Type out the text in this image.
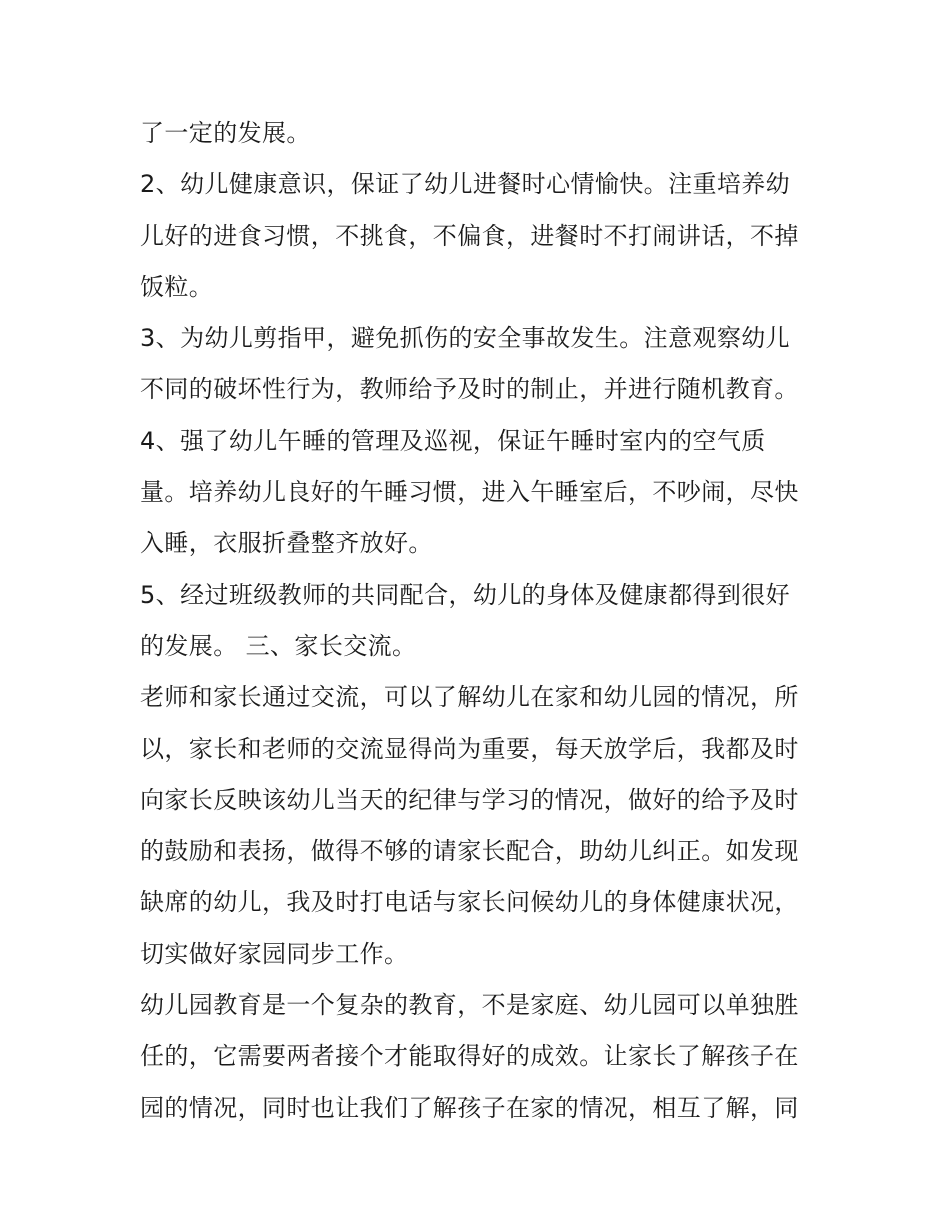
了一定的发展。

2、幼儿健康意识，保证了幼儿进餐时心情愉快。注重培养幼
儿好的进食习惯，不挑食，不偏食，进餐时不打闹讲话，不掉
饭粒。

3、为幼儿剪指甲，避免抓伤的安全事故发生。注意观察幼儿
不同的破坏性行为，教师给予及时的制止，并进行随机教育。

4、强了幼儿午睡的管理及巡视，保证午睡时室内的空气质
量。培养幼儿良好的午睡习惯，进入午睡室后，不吵闹，尽快
入睡，衣服折叠整齐放好。

5、经过班级教师的共同配合，幼儿的身体及健康都得到很好
的发展。 三、家长交流。

老师和家长通过交流，可以了解幼儿在家和幼儿园的情况，所
以，家长和老师的交流显得尚为重要，每天放学后，我都及时
向家长反映该幼儿当天的纪律与学习的情况，做好的给予及时
的鼓励和表扬，做得不够的请家长配合，助幼儿纠正。如发现
缺席的幼儿，我及时打电话与家长问候幼儿的身体健康状况，
切实做好家园同步工作。

幼儿园教育是一个复杂的教育，不是家庭、幼儿园可以单独胜
任的，它需要两者接个才能取得好的成效。让家长了解孩子在
园的情况，同时也让我们了解孩子在家的情况，相互了解，同
